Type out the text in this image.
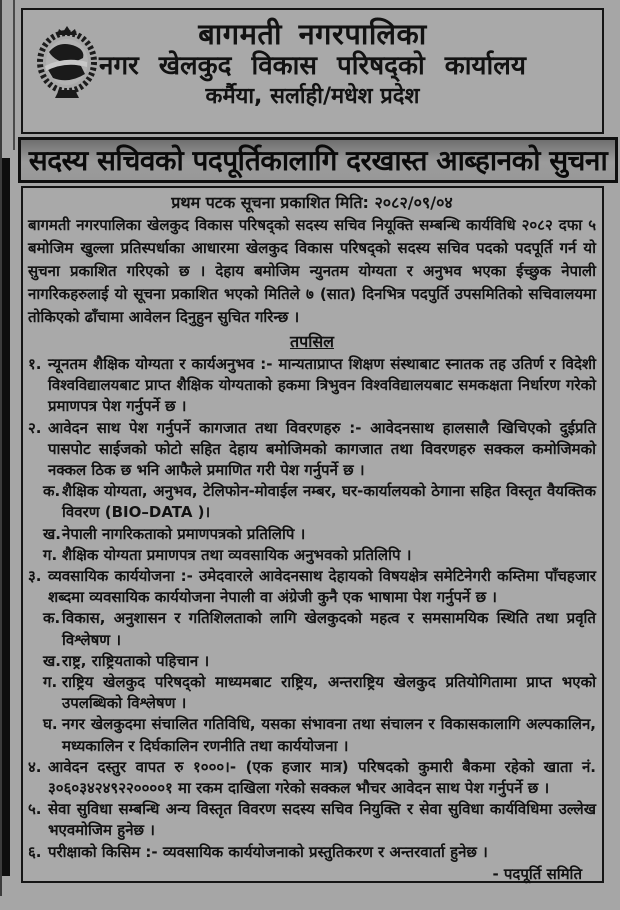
बागमती नगरपालिका
नगर खेलकुद विकास परिषद्को कार्यालय
कर्मैया, सर्लाही/मधेश प्रदेश
सदस्य सचिवको पदपूर्तिकालागि दरखास्त आब्हानको सुचना
प्रथम पटक सूचना प्रकाशित मिति: २०८२/०९/०४
बागमती नगरपालिका खेलकुद विकास परिषद्को सदस्य सचिव नियूक्ति सम्बन्धि कार्यविधि २०८२ दफा ५ बमोजिम खुल्ला प्रतिस्पर्धाका आधारमा खेलकुद विकास परिषद्को सदस्य सचिव पदको पदपूर्ति गर्न यो सुचना प्रकाशित गरिएको छ । देहाय बमोजिम न्युनतम योग्यता र अनुभव भएका ईच्छुक नेपाली नागरिकहरुलाई यो सूचना प्रकाशित भएको मितिले ७ (सात) दिनभित्र पदपुर्ति उपसमितिको सचिवालयमा तोकिएको ढाँचामा आवेलन दिनुहुन सुचित गरिन्छ ।
तपसिल
१. न्यूनतम शैक्षिक योग्यता र कार्यअनुभव :- मान्यताप्राप्त शिक्षण संस्थाबाट स्नातक तह उतिर्ण र विदेशी विश्वविद्यालयबाट प्राप्त शैक्षिक योग्यताको हकमा त्रिभुवन विश्वविद्यालयबाट समकक्षता निर्धारण गरेको प्रमाणपत्र पेश गर्नुपर्ने छ ।
२. आवेदन साथ पेश गर्नुपर्ने कागजात तथा विवरणहरु :- आवेदनसाथ हालसालै खिचिएको दुईप्रति पासपोट साईजको फोटो सहित देहाय बमोजिमको कागजात तथा विवरणहरु सक्कल कमोजिमको नक्कल ठिक छ भनि आफैले प्रमाणित गरी पेश गर्नुपर्ने छ ।
क. शैक्षिक योग्यता, अनुभव, टेलिफोन-मोवाईल नम्बर, घर-कार्यालयको ठेगाना सहित विस्तृत वैयक्तिक विवरण (BIO–DATA )।
ख. नेपाली नागरिकताको प्रमाणपत्रको प्रतिलिपि ।
ग. शैक्षिक योग्यता प्रमाणपत्र तथा व्यवसायिक अनुभवको प्रतिलिपि ।
३. व्यवसायिक कार्ययोजना :- उमेदवारले आवेदनसाथ देहायको विषयक्षेत्र समेटिनेगरी कम्तिमा पाँचहजार शब्दमा व्यवसायिक कार्ययोजना नेपाली वा अंग्रेजी कुनै एक भाषामा पेश गर्नुपर्ने छ ।
क. विकास, अनुशासन र गतिशिलताको लागि खेलकुदको महत्व र समसामयिक स्थिति तथा प्रवृति विश्लेषण ।
ख. राष्ट्र, राष्ट्रियताको पहिचान ।
ग. राष्ट्रिय खेलकुद परिषद्को माध्यमबाट राष्ट्रिय, अन्तराष्ट्रिय खेलकुद प्रतियोगितामा प्राप्त भएको उपलब्धिको विश्लेषण ।
घ. नगर खेलकुदमा संचालित गतिविधि, यसका संभावना तथा संचालन र विकासकालागि अल्पकालिन, मध्यकालिन र दिर्घकालिन रणनीति तथा कार्ययोजना ।
४. आवेदन दस्तुर वापत रु १०००।- (एक हजार मात्र) परिषदको कुमारी बैकमा रहेको खाता नं. ३०६०३४२४९२२००००१ मा रकम दाखिला गरेको सक्कल भौचर आवेदन साथ पेश गर्नुपर्ने छ ।
५. सेवा सुविधा सम्बन्धि अन्य विस्तृत विवरण सदस्य सचिव नियुक्ति र सेवा सुविधा कार्यविधिमा उल्लेख भएवमोजिम हुनेछ ।
६. परीक्षाको किसिम :- व्यवसायिक कार्ययोजनाको प्रस्तुतिकरण र अन्तरवार्ता हुनेछ ।
- पदपूर्ति समिति
